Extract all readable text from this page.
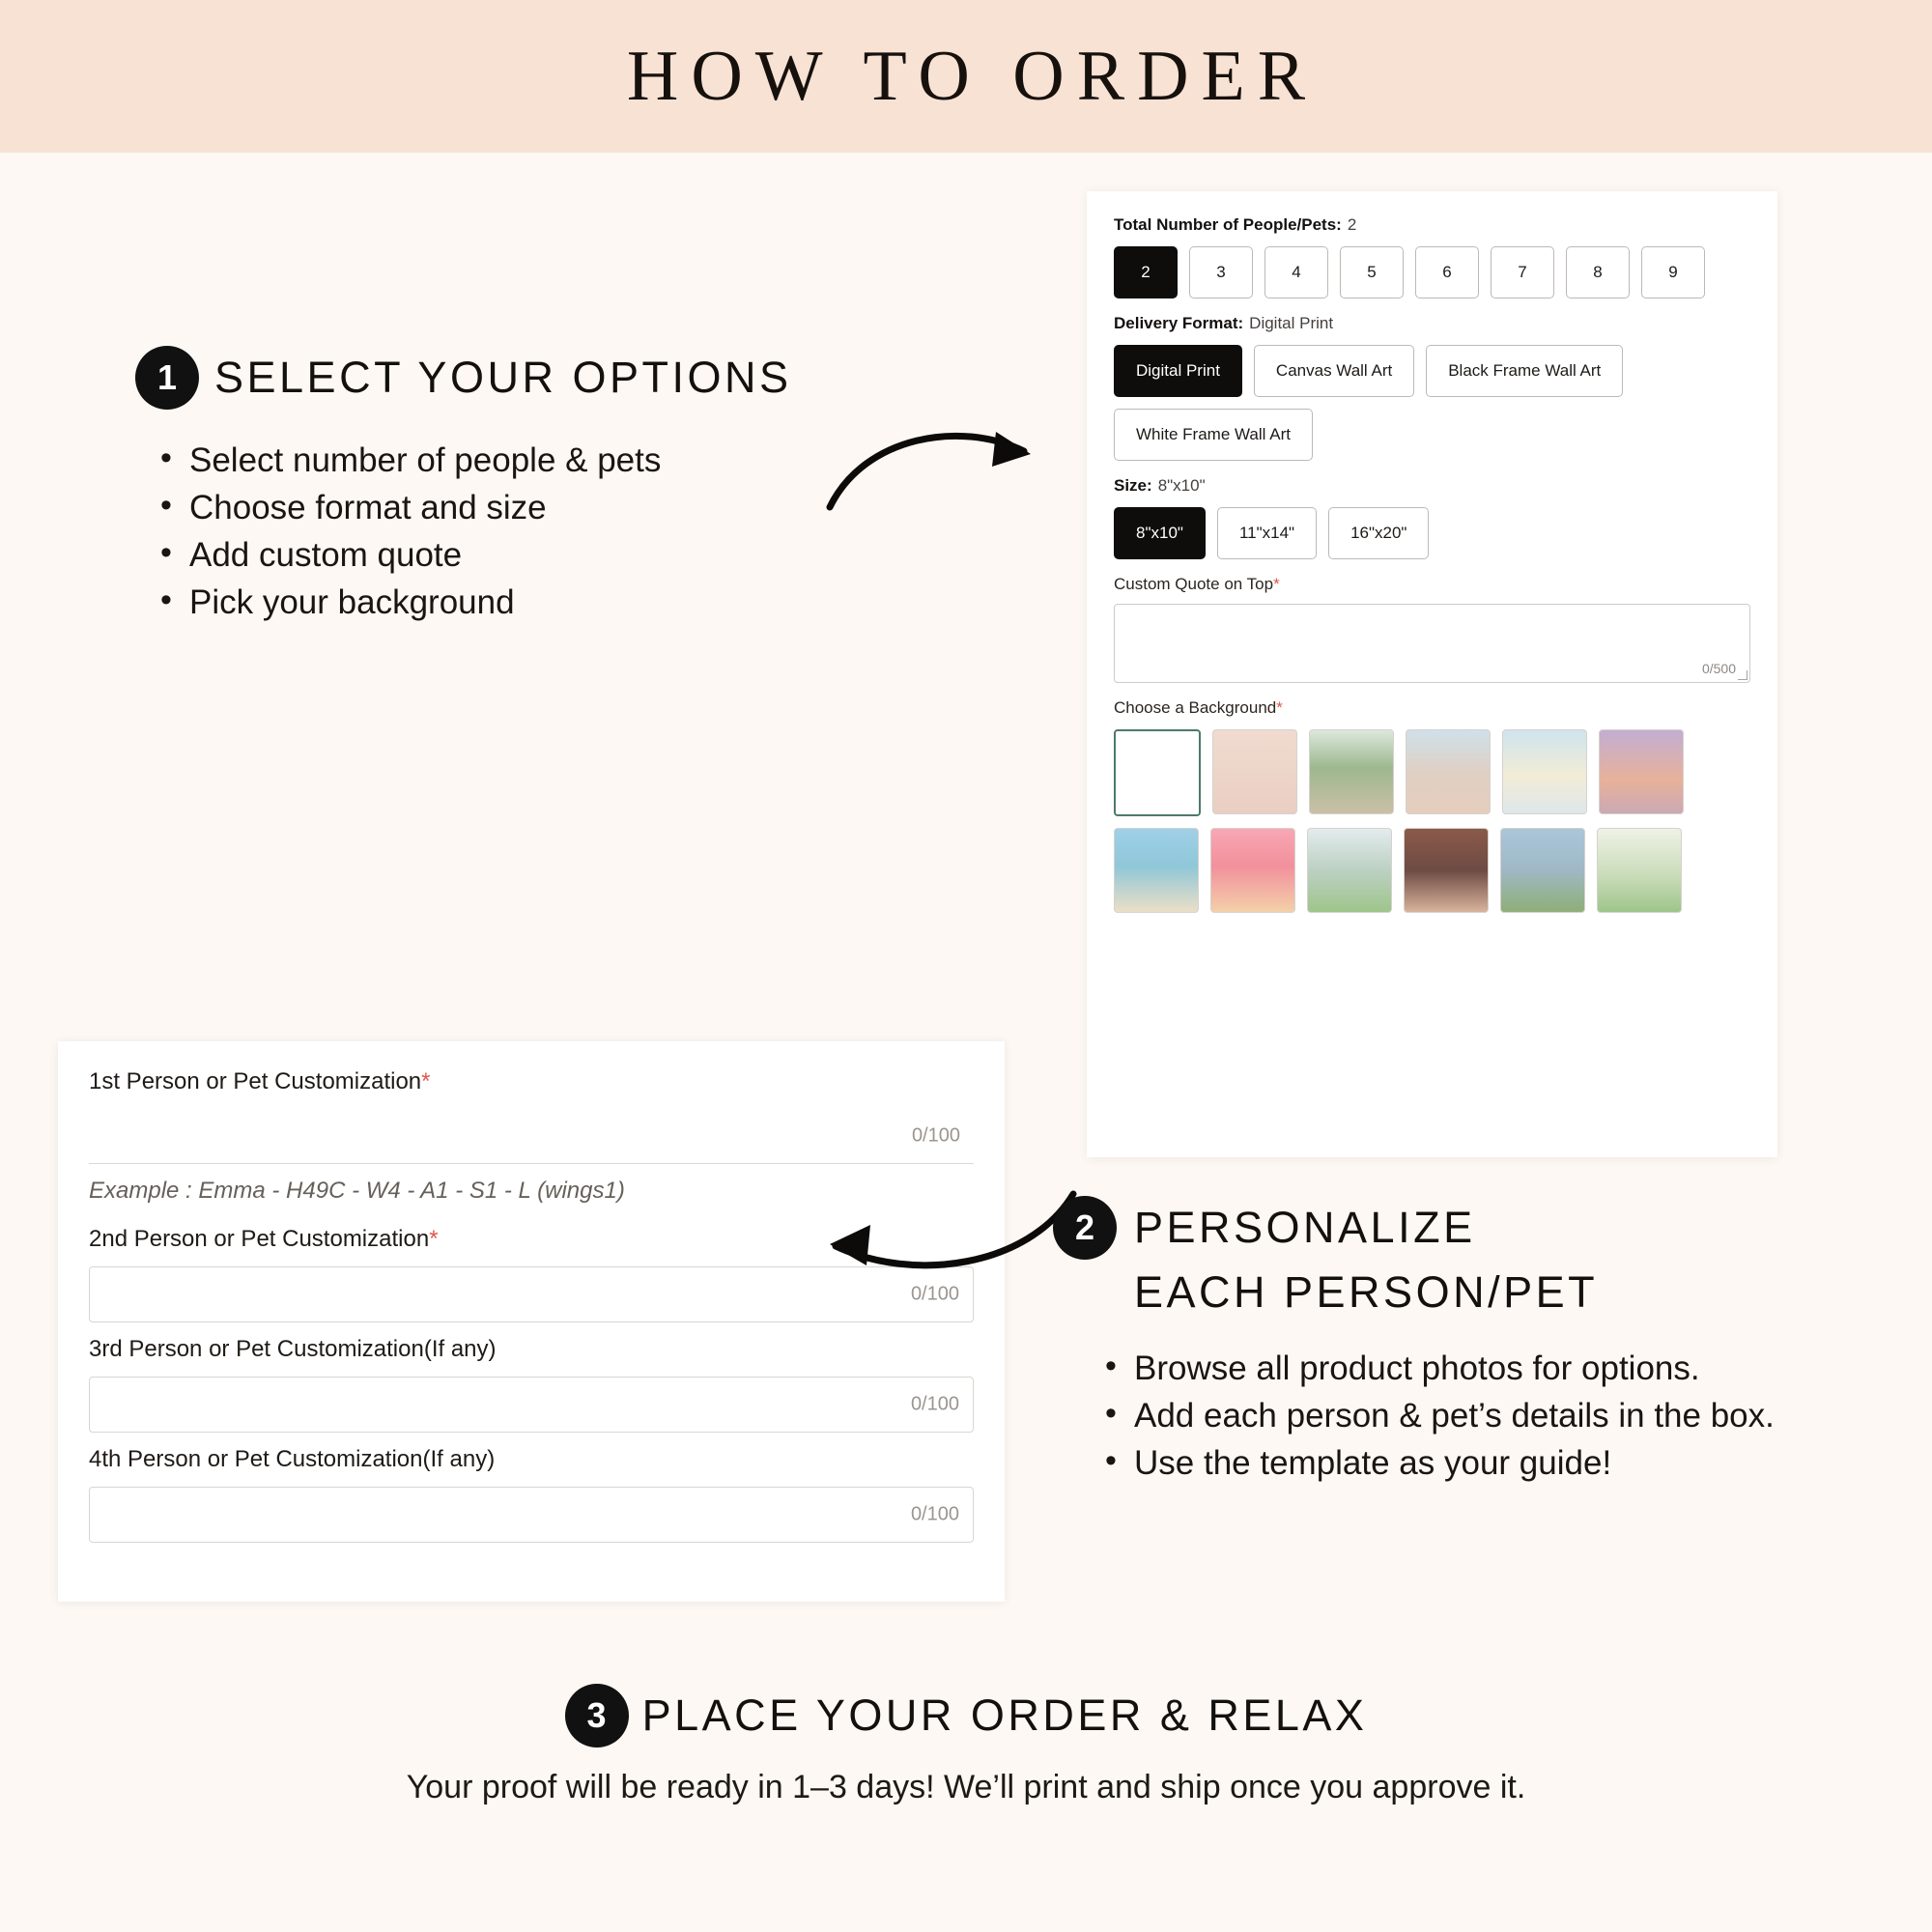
HOW TO ORDER
1 SELECT YOUR OPTIONS
• Select number of people & pets
• Choose format and size
• Add custom quote
• Pick your background
Total Number of People/Pets: 2
2	3	4	5	6	7	8	9
Delivery Format: Digital Print
Digital Print	Canvas Wall Art	Black Frame Wall Art
White Frame Wall Art
Size: 8"x10"
8"x10"	11"x14"	16"x20"
Custom Quote on Top*
0/500
Choose a Background*
1st Person or Pet Customization*
0/100
Example : Emma - H49C - W4 - A1 - S1 - L (wings1)
2nd Person or Pet Customization*
0/100
3rd Person or Pet Customization(If any)
0/100
4th Person or Pet Customization(If any)
0/100
2 PERSONALIZE
EACH PERSON/PET
• Browse all product photos for options.
• Add each person & pet’s details in the box.
• Use the template as your guide!
3 PLACE YOUR ORDER & RELAX
Your proof will be ready in 1–3 days! We’ll print and ship once you approve it.
